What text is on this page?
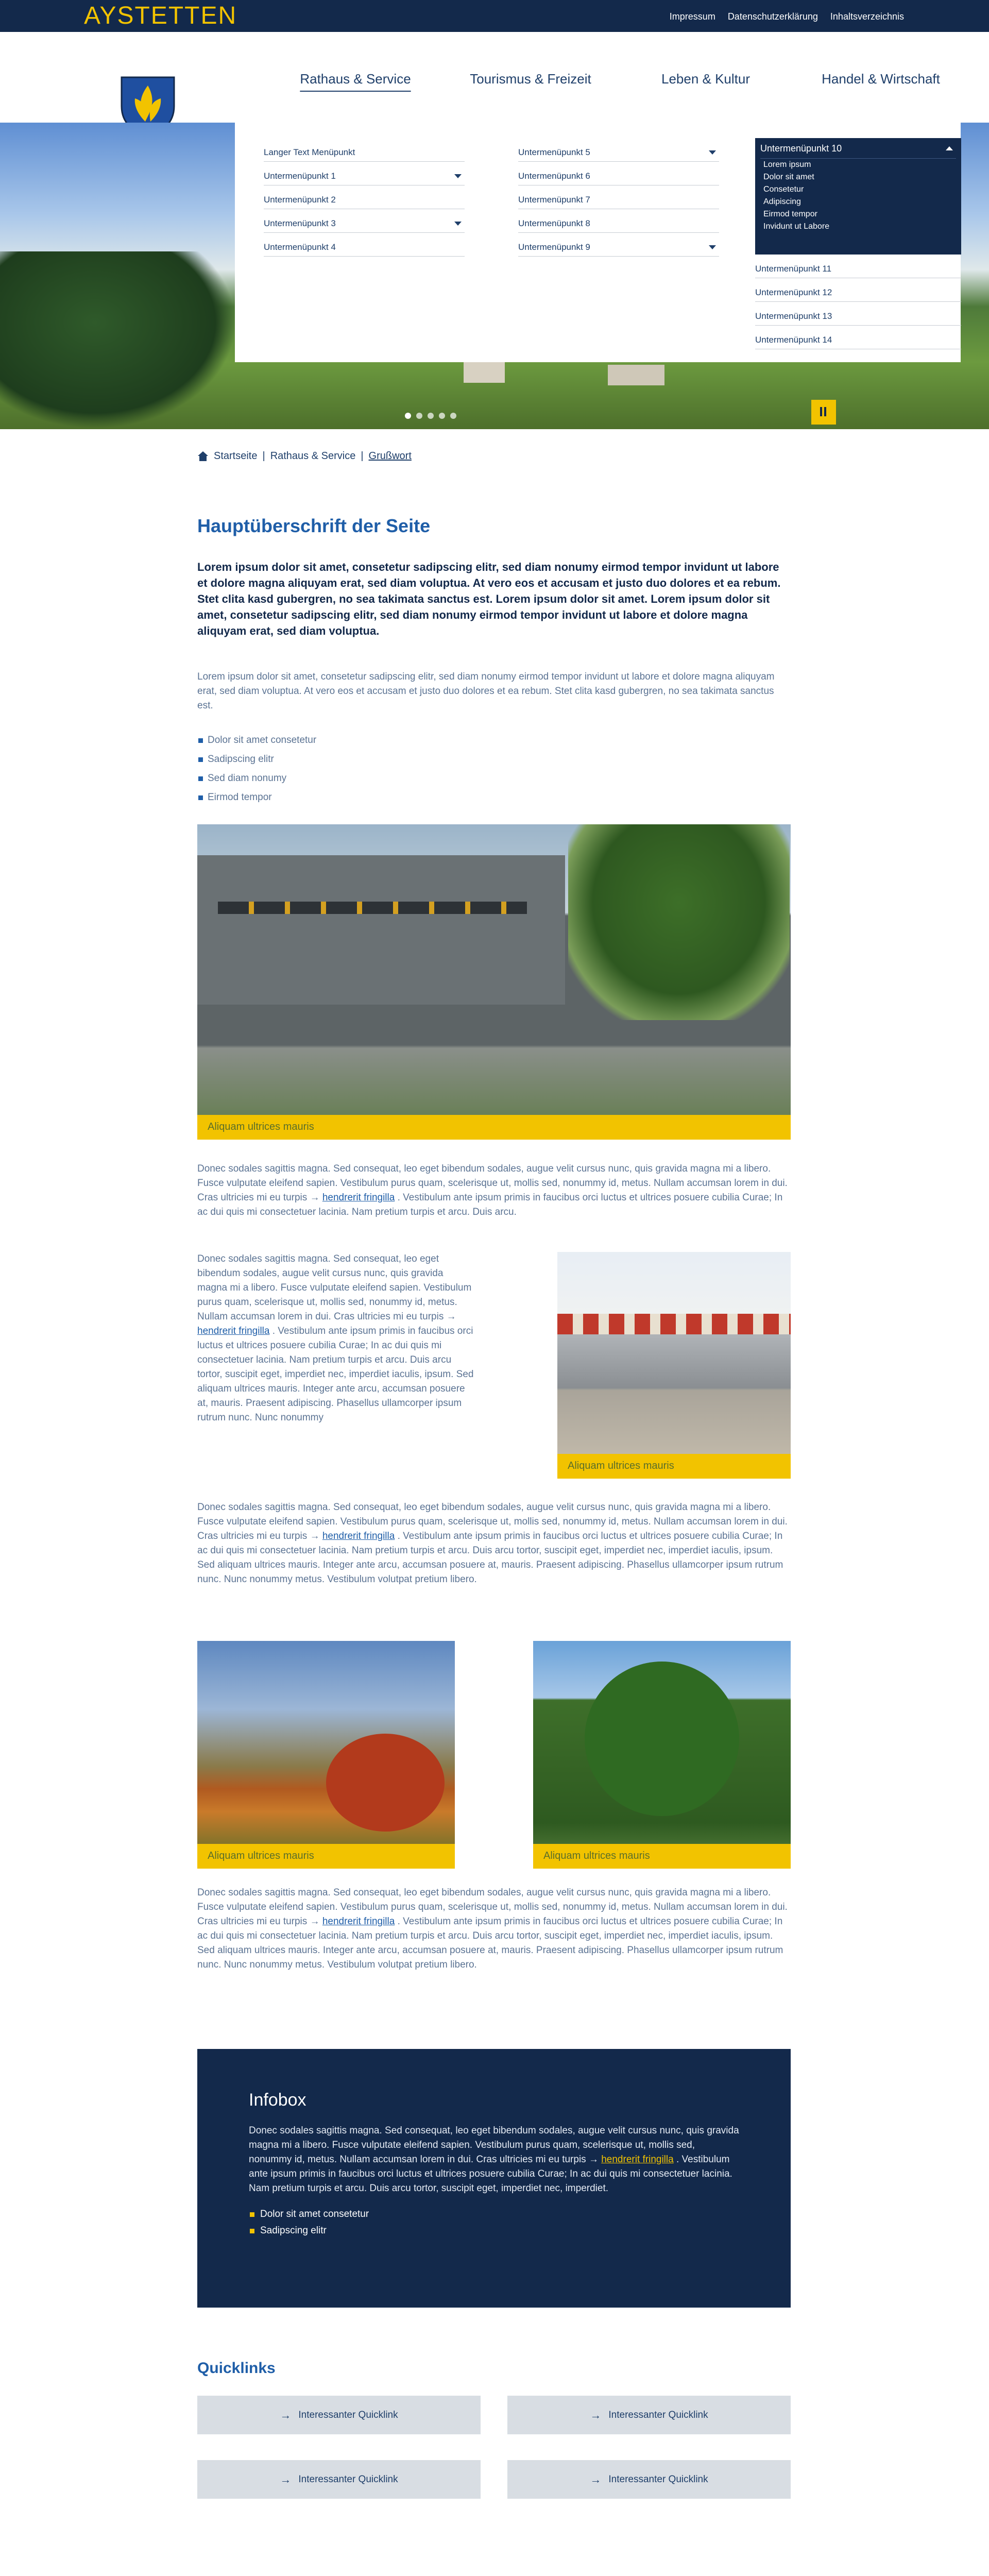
AYSTETTEN	Impressum Datenschutzerklärung Inhaltsverzeichnis
Rathaus & Service	Tourismus & Freizeit	Leben & Kultur	Handel & Wirtschaft
Langer Text Menüpunkt
Untermenüpunkt 1
Untermenüpunkt 2
Untermenüpunkt 3
Untermenüpunkt 4
Untermenüpunkt 5
Untermenüpunkt 6
Untermenüpunkt 7
Untermenüpunkt 8
Untermenüpunkt 9
Untermenüpunkt 10
Lorem ipsum
Dolor sit amet
Consetetur
Adipiscing
Eirmod tempor
Invidunt ut Labore
Untermenüpunkt 11
Untermenüpunkt 12
Untermenüpunkt 13
Untermenüpunkt 14
Startseite | Rathaus & Service | Grußwort
Hauptüberschrift der Seite
Lorem ipsum dolor sit amet, consetetur sadipscing elitr, sed diam nonumy eirmod tempor invidunt ut labore et dolore magna aliquyam erat, sed diam voluptua. At vero eos et accusam et justo duo dolores et ea rebum. Stet clita kasd gubergren, no sea takimata sanctus est. Lorem ipsum dolor sit amet. Lorem ipsum dolor sit amet, consetetur sadipscing elitr, sed diam nonumy eirmod tempor invidunt ut labore et dolore magna aliquyam erat, sed diam voluptua.
Lorem ipsum dolor sit amet, consetetur sadipscing elitr, sed diam nonumy eirmod tempor invidunt ut labore et dolore magna aliquyam erat, sed diam voluptua. At vero eos et accusam et justo duo dolores et ea rebum. Stet clita kasd gubergren, no sea takimata sanctus est.
Dolor sit amet consetetur
Sadipscing elitr
Sed diam nonumy
Eirmod tempor
Aliquam ultrices mauris
Donec sodales sagittis magna. Sed consequat, leo eget bibendum sodales, augue velit cursus nunc, quis gravida magna mi a libero. Fusce vulputate eleifend sapien. Vestibulum purus quam, scelerisque ut, mollis sed, nonummy id, metus. Nullam accumsan lorem in dui. Cras ultricies mi eu turpis → hendrerit fringilla . Vestibulum ante ipsum primis in faucibus orci luctus et ultrices posuere cubilia Curae; In ac dui quis mi consectetuer lacinia. Nam pretium turpis et arcu. Duis arcu.
Donec sodales sagittis magna. Sed consequat, leo eget bibendum sodales, augue velit cursus nunc, quis gravida magna mi a libero. Fusce vulputate eleifend sapien. Vestibulum purus quam, scelerisque ut, mollis sed, nonummy id, metus. Nullam accumsan lorem in dui. Cras ultricies mi eu turpis → hendrerit fringilla . Vestibulum ante ipsum primis in faucibus orci luctus et ultrices posuere cubilia Curae; In ac dui quis mi consectetuer lacinia. Nam pretium turpis et arcu. Duis arcu tortor, suscipit eget, imperdiet nec, imperdiet iaculis, ipsum. Sed aliquam ultrices mauris. Integer ante arcu, accumsan posuere at, mauris. Praesent adipiscing. Phasellus ullamcorper ipsum rutrum nunc. Nunc nonummy
Aliquam ultrices mauris
Donec sodales sagittis magna. Sed consequat, leo eget bibendum sodales, augue velit cursus nunc, quis gravida magna mi a libero. Fusce vulputate eleifend sapien. Vestibulum purus quam, scelerisque ut, mollis sed, nonummy id, metus. Nullam accumsan lorem in dui. Cras ultricies mi eu turpis → hendrerit fringilla . Vestibulum ante ipsum primis in faucibus orci luctus et ultrices posuere cubilia Curae; In ac dui quis mi consectetuer lacinia. Nam pretium turpis et arcu. Duis arcu tortor, suscipit eget, imperdiet nec, imperdiet iaculis, ipsum. Sed aliquam ultrices mauris. Integer ante arcu, accumsan posuere at, mauris. Praesent adipiscing. Phasellus ullamcorper ipsum rutrum nunc. Nunc nonummy metus. Vestibulum volutpat pretium libero.
Aliquam ultrices mauris	Aliquam ultrices mauris
Donec sodales sagittis magna. Sed consequat, leo eget bibendum sodales, augue velit cursus nunc, quis gravida magna mi a libero. Fusce vulputate eleifend sapien. Vestibulum purus quam, scelerisque ut, mollis sed, nonummy id, metus. Nullam accumsan lorem in dui. Cras ultricies mi eu turpis → hendrerit fringilla . Vestibulum ante ipsum primis in faucibus orci luctus et ultrices posuere cubilia Curae; In ac dui quis mi consectetuer lacinia. Nam pretium turpis et arcu. Duis arcu tortor, suscipit eget, imperdiet nec, imperdiet iaculis, ipsum. Sed aliquam ultrices mauris. Integer ante arcu, accumsan posuere at, mauris. Praesent adipiscing. Phasellus ullamcorper ipsum rutrum nunc. Nunc nonummy metus. Vestibulum volutpat pretium libero.
Infobox
Donec sodales sagittis magna. Sed consequat, leo eget bibendum sodales, augue velit cursus nunc, quis gravida magna mi a libero. Fusce vulputate eleifend sapien. Vestibulum purus quam, scelerisque ut, mollis sed, nonummy id, metus. Nullam accumsan lorem in dui. Cras ultricies mi eu turpis → hendrerit fringilla . Vestibulum ante ipsum primis in faucibus orci luctus et ultrices posuere cubilia Curae; In ac dui quis mi consectetuer lacinia. Nam pretium turpis et arcu. Duis arcu tortor, suscipit eget, imperdiet nec, imperdiet.
Dolor sit amet consetetur
Sadipscing elitr
Quicklinks
→ Interessanter Quicklink	→ Interessanter Quicklink
→ Interessanter Quicklink	→ Interessanter Quicklink
